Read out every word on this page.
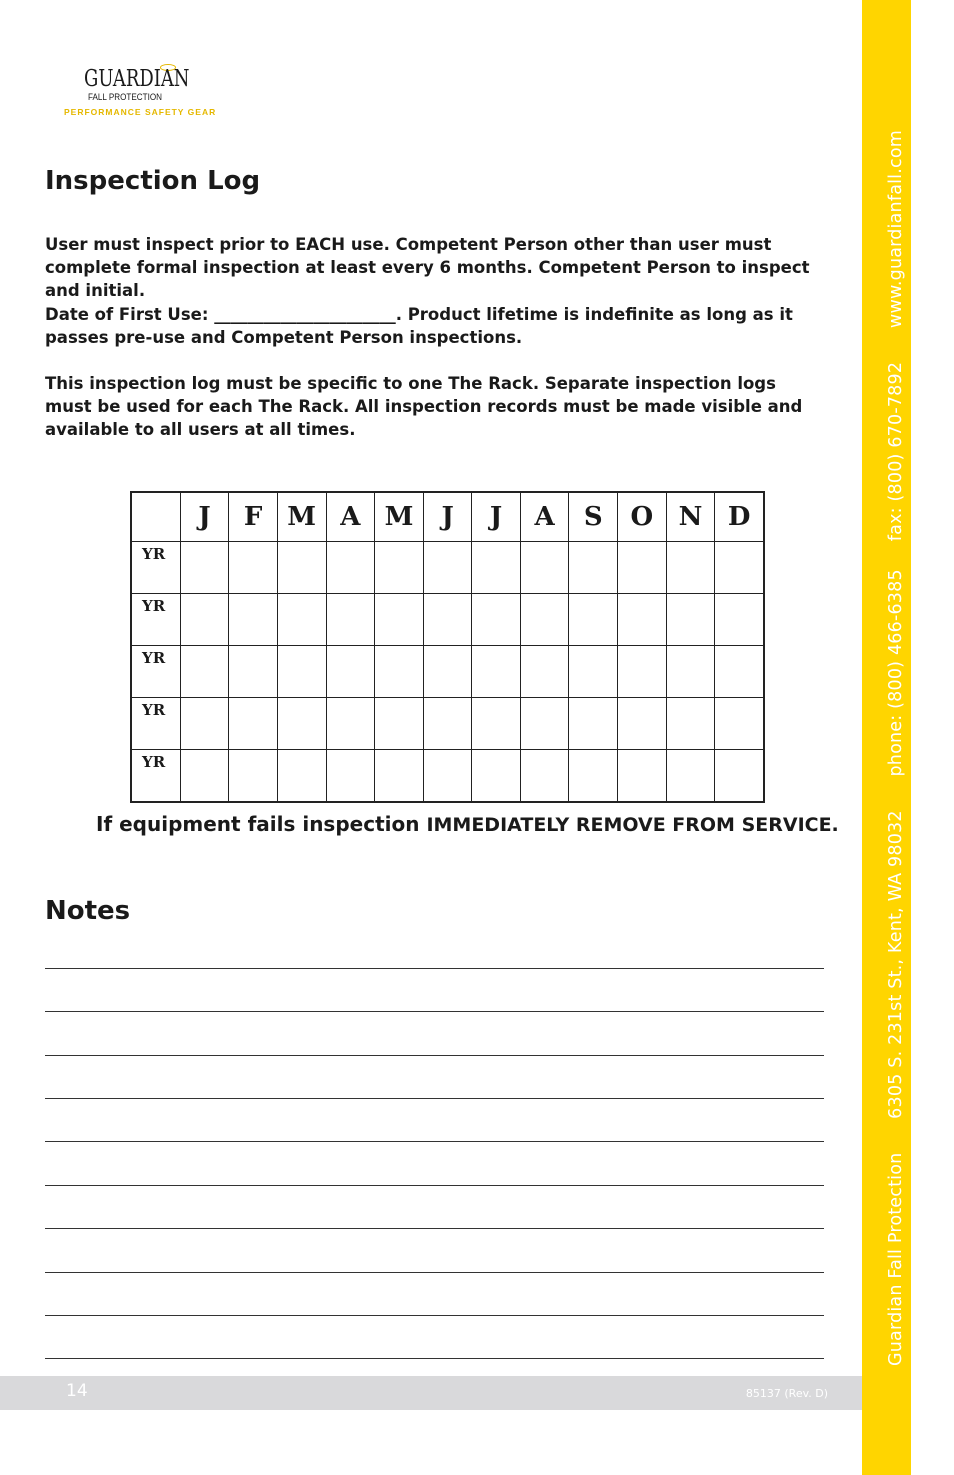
GUARDIAN
FALL PROTECTION
PERFORMANCE SAFETY GEAR
Inspection Log

User must inspect prior to EACH use. Competent Person other than user must complete formal inspection at least every 6 months. Competent Person to inspect and initial.

Date of First Use: ______________________. Product lifetime is indefinite as long as it passes pre-use and Competent Person inspections.

This inspection log must be specific to one The Rack. Separate inspection logs must be used for each The Rack. All inspection records must be made visible and available to all users at all times.

	J	F	M	A	M	J	J	A	S	O	N	D
YR												
YR												
YR												
YR												
YR												

If equipment fails inspection IMMEDIATELY REMOVE FROM SERVICE.

Notes
14	85137 (Rev. D)
Guardian Fall Protection 6305 S. 231st St., Kent, WA 98032 phone: (800) 466-6385fax: (800) 670-7892 www.guardianfall.com
